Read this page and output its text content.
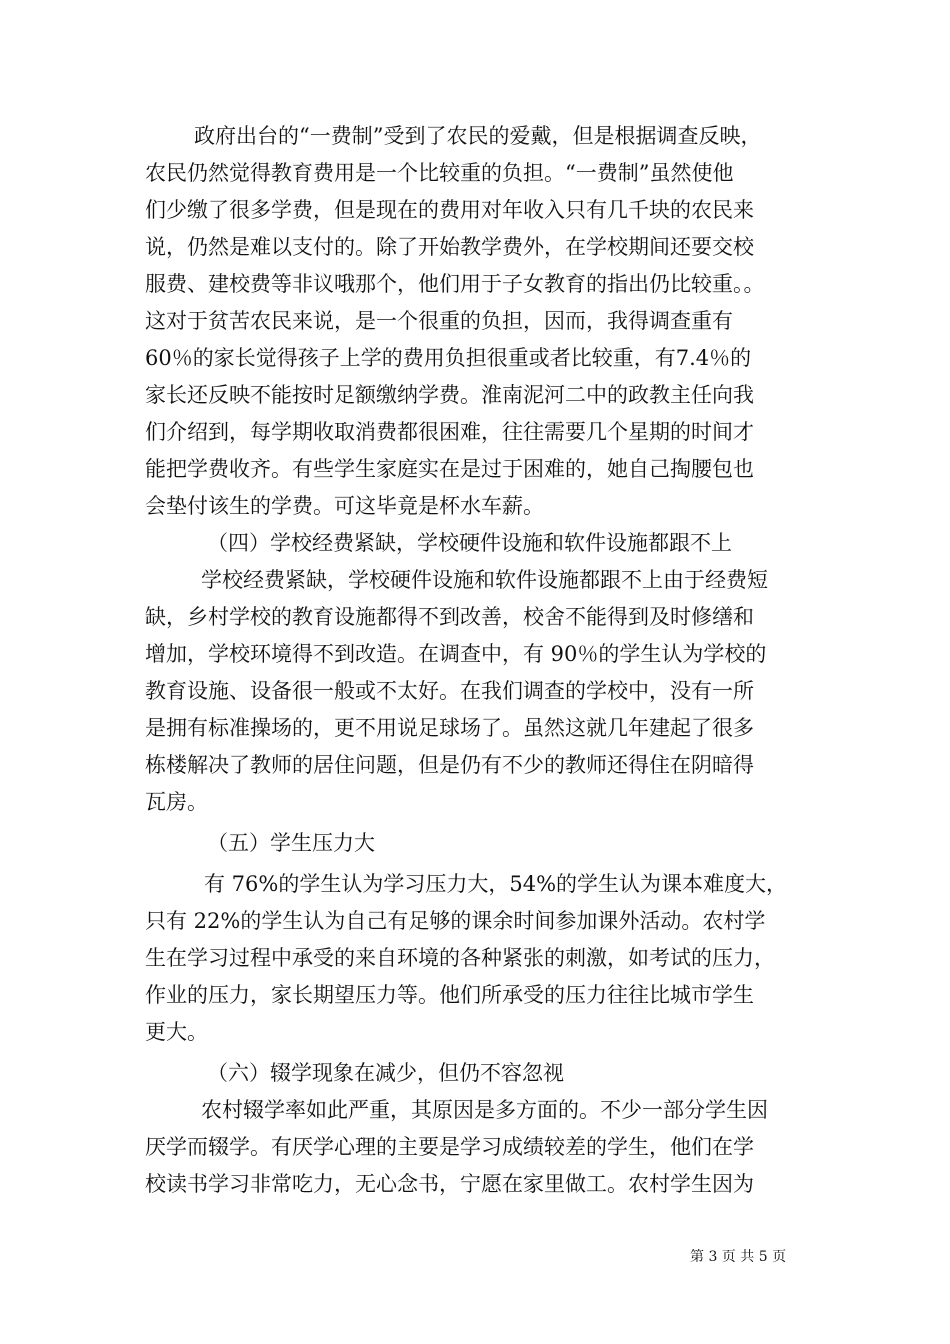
政府出台的“一费制”受到了农民的爱戴，但是根据调查反映，
农民仍然觉得教育费用是一个比较重的负担。“一费制”虽然使他
们少缴了很多学费，但是现在的费用对年收入只有几千块的农民来
说，仍然是难以支付的。除了开始教学费外，在学校期间还要交校
服费、建校费等非议哦那个，他们用于子女教育的指出仍比较重。。
这对于贫苦农民来说，是一个很重的负担，因而，我得调查重有
60％的家长觉得孩子上学的费用负担很重或者比较重，有7.4％的
家长还反映不能按时足额缴纳学费。淮南泥河二中的政教主任向我
们介绍到，每学期收取消费都很困难，往往需要几个星期的时间才
能把学费收齐。有些学生家庭实在是过于困难的，她自己掏腰包也
会垫付该生的学费。可这毕竟是杯水车薪。
（四）学校经费紧缺，学校硬件设施和软件设施都跟不上
学校经费紧缺，学校硬件设施和软件设施都跟不上由于经费短
缺，乡村学校的教育设施都得不到改善，校舍不能得到及时修缮和
增加，学校环境得不到改造。在调查中，有 90％的学生认为学校的
教育设施、设备很一般或不太好。在我们调查的学校中，没有一所
是拥有标准操场的，更不用说足球场了。虽然这就几年建起了很多
栋楼解决了教师的居住问题，但是仍有不少的教师还得住在阴暗得
瓦房。
（五）学生压力大
有 76%的学生认为学习压力大，54%的学生认为课本难度大，
只有 22%的学生认为自己有足够的课余时间参加课外活动。农村学
生在学习过程中承受的来自环境的各种紧张的刺激，如考试的压力，
作业的压力，家长期望压力等。他们所承受的压力往往比城市学生
更大。
（六）辍学现象在减少，但仍不容忽视
农村辍学率如此严重，其原因是多方面的。不少一部分学生因
厌学而辍学。有厌学心理的主要是学习成绩较差的学生，他们在学
校读书学习非常吃力，无心念书，宁愿在家里做工。农村学生因为
第 3 页 共 5 页
